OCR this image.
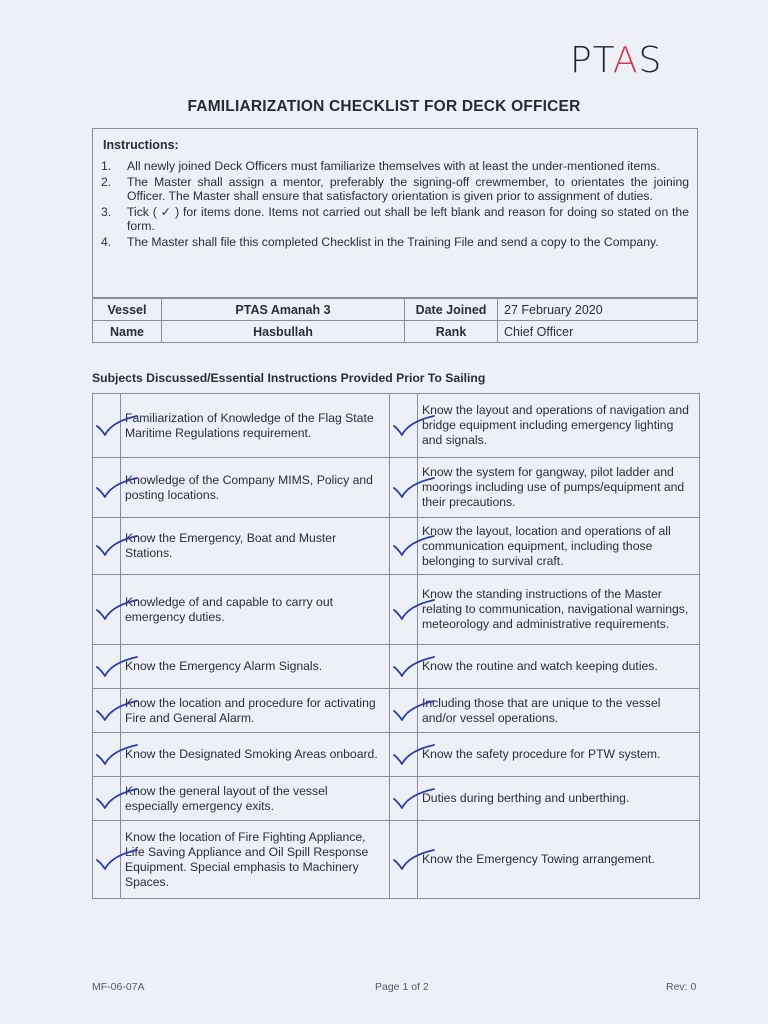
PTAS
FAMILIARIZATION CHECKLIST FOR DECK OFFICER
Instructions:
1.	All newly joined Deck Officers must familiarize themselves with at least the under-mentioned items.
2.	The Master shall assign a mentor, preferably the signing-off crewmember, to orientates the joining Officer. The Master shall ensure that satisfactory orientation is given prior to assignment of duties.
3.	Tick ( ✓ ) for items done. Items not carried out shall be left blank and reason for doing so stated on the form.
4.	The Master shall file this completed Checklist in the Training File and send a copy to the Company.
Vessel	PTAS Amanah 3	Date Joined	27 February 2020
Name	Hasbullah	Rank	Chief Officer
Subjects Discussed/Essential Instructions Provided Prior To Sailing
	Familiarization of Knowledge of the Flag State Maritime Regulations requirement.		Know the layout and operations of navigation and bridge equipment including emergency lighting and signals.

	Knowledge of the Company MIMS, Policy and posting locations.		Know the system for gangway, pilot ladder and moorings including use of pumps/equipment and their precautions.

	Know the Emergency, Boat and Muster Stations.		Know the layout, location and operations of all communication equipment, including those belonging to survival craft.

	Knowledge of and capable to carry out emergency duties.		Know the standing instructions of the Master relating to communication, navigational warnings, meteorology and administrative requirements.

	Know the Emergency Alarm Signals.		Know the routine and watch keeping duties.

	Know the location and procedure for activating Fire and General Alarm.		Including those that are unique to the vessel and/or vessel operations.

	Know the Designated Smoking Areas onboard.		Know the safety procedure for PTW system.

	Know the general layout of the vessel especially emergency exits.		Duties during berthing and unberthing.

	Know the location of Fire Fighting Appliance, Life Saving Appliance and Oil Spill Response Equipment. Special emphasis to Machinery Spaces.		Know the Emergency Towing arrangement.
MF-06-07A	Page 1 of 2	Rev: 0
